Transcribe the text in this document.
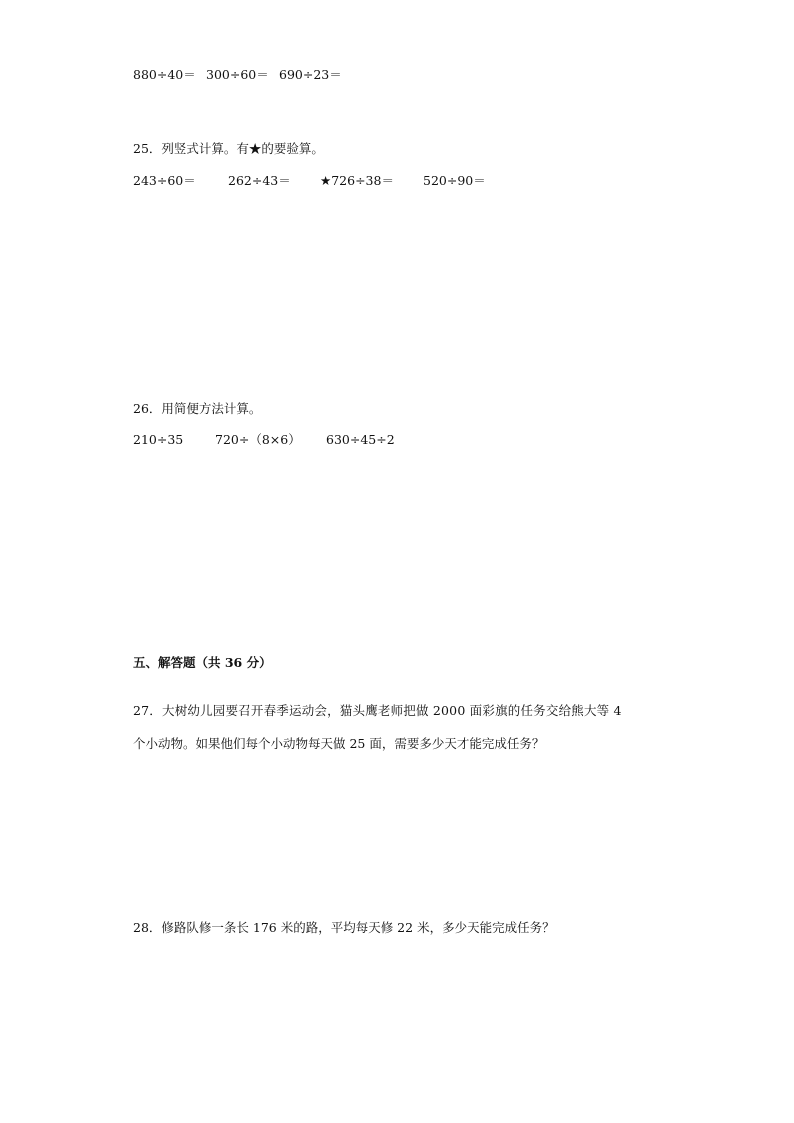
880÷40＝ 300÷60＝ 690÷23＝
25．列竖式计算。有★的要验算。
243÷60＝	262÷43＝	★726÷38＝	520÷90＝
26．用简便方法计算。
210÷35	720÷（8×6）	630÷45÷2
五、解答题（共 36 分）
27．大树幼儿园要召开春季运动会，猫头鹰老师把做 2000 面彩旗的任务交给熊大等 4
个小动物。如果他们每个小动物每天做 25 面，需要多少天才能完成任务？
28．修路队修一条长 176 米的路，平均每天修 22 米，多少天能完成任务？
